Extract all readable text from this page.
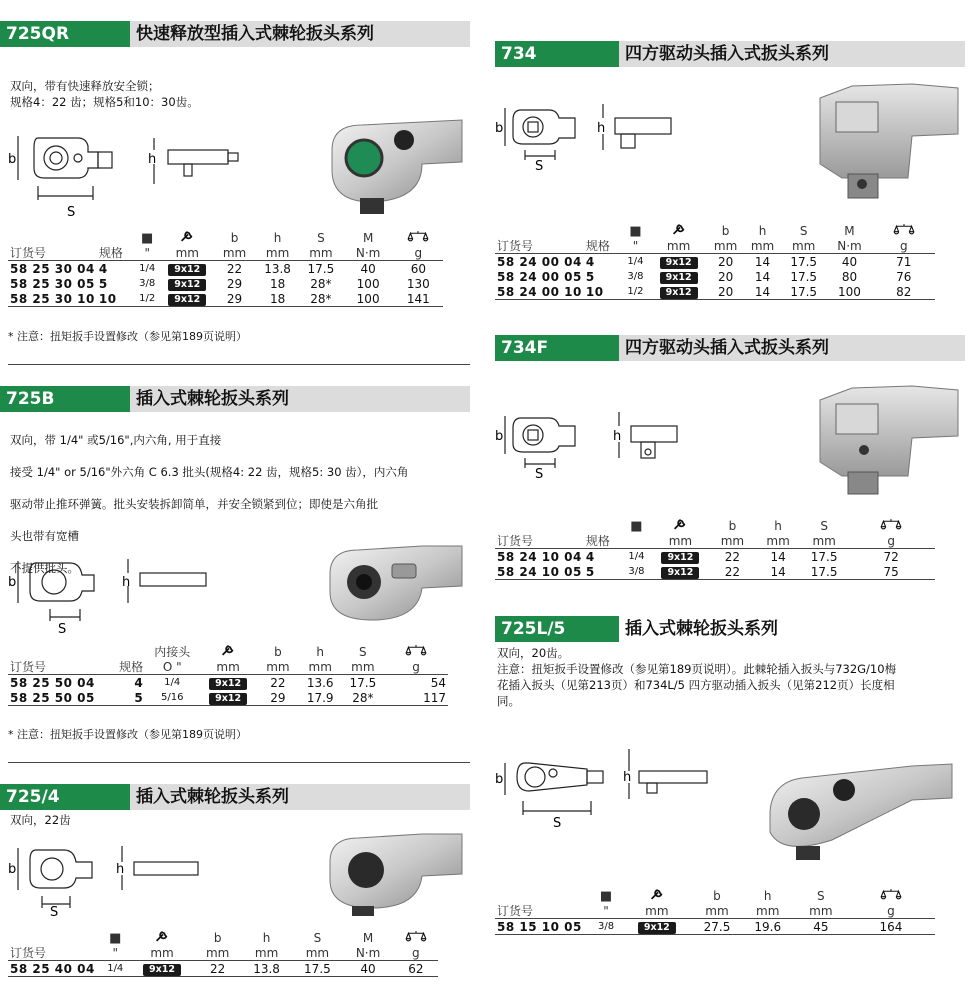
725QR	快速释放型插入式棘轮扳头系列
双向，带有快速释放安全锁；
规格4：22 齿；规格5和10：30齿。
b
S
h
		■		b	h	S	M	
订货号	规格	"	mm	mm	mm	mm	N·m	g
58 25 30 04	4	1/4	9x12	22	13.8	17.5	40	60
58 25 30 05	5	3/8	9x12	29	18	28*	100	130
58 25 30 10	10	1/2	9x12	29	18	28*	100	141
* 注意：扭矩扳手设置修改（参见第189页说明）
725B	插入式棘轮扳头系列

双向，带 1/4" 或5/16",内六角, 用于直接

接受 1/4" or 5/16"外六角 C 6.3 批头(规格4: 22 齿，规格5: 30 齿），内六角

驱动带止推环弹簧。批头安装拆卸简单，并安全锁紧到位；即使是六角批

头也带有宽槽

不提供批头。

b
S
h
		内接头		b	h	S	
订货号	规格	O "	mm	mm	mm	mm	g
58 25 50 04	4	1/4	9x12	22	13.6	17.5	54
58 25 50 05	5	5/16	9x12	29	17.9	28*	117
* 注意：扭矩扳手设置修改（参见第189页说明）
725/4	插入式棘轮扳头系列
双向，22齿
b
S
h
	■		b	h	S	M	
订货号	"	mm	mm	mm	mm	N·m	g
58 25 40 04	1/4	9x12	22	13.8	17.5	40	62
734	四方驱动头插入式扳头系列
b
S
h
		■		b	h	S	M	
订货号	规格	"	mm	mm	mm	mm	N·m	g
58 24 00 04	4	1/4	9x12	20	14	17.5	40	71
58 24 00 05	5	3/8	9x12	20	14	17.5	80	76
58 24 00 10	10	1/2	9x12	20	14	17.5	100	82
734F	四方驱动头插入式扳头系列
b
S
h
		■		b	h	S	
订货号	规格		mm	mm	mm	mm	g
58 24 10 04	4	1/4	9x12	22	14	17.5	72
58 24 10 05	5	3/8	9x12	22	14	17.5	75
725L/5	插入式棘轮扳头系列
双向，20齿。
注意：扭矩扳手设置修改（参见第189页说明）。此棘轮插入扳头与732G/10梅
花插入扳头（见第213页）和734L/5 四方驱动插入扳头（见第212页）长度相
同。
b
S
h
	■		b	h	S	
订货号	"	mm	mm	mm	mm	g
58 15 10 05	3/8	9x12	27.5	19.6	45	164
